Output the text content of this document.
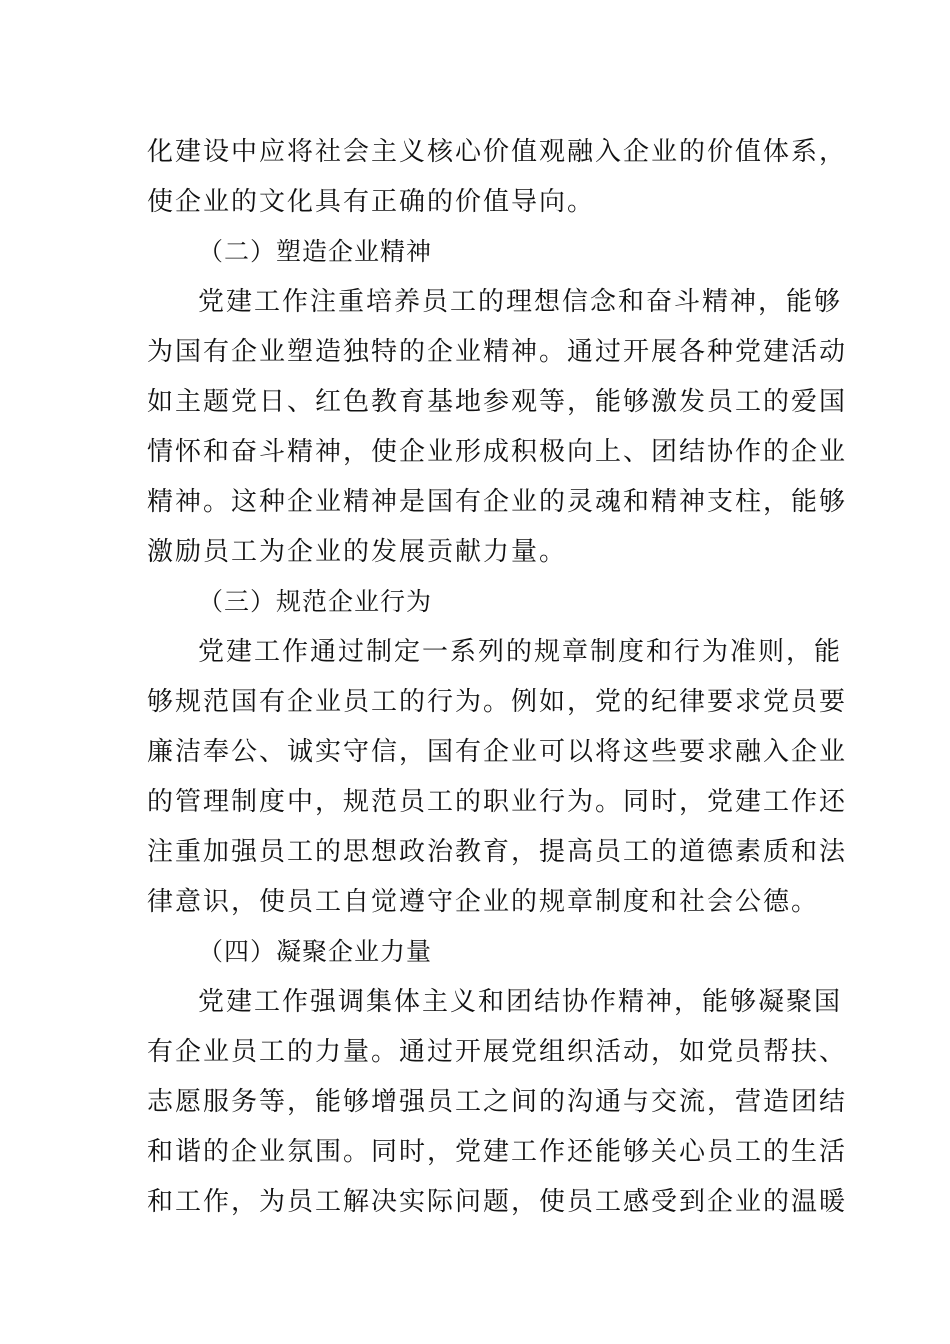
化建设中应将社会主义核心价值观融入企业的价值体系，
使企业的文化具有正确的价值导向。
（二）塑造企业精神
党建工作注重培养员工的理想信念和奋斗精神，能够
为国有企业塑造独特的企业精神。通过开展各种党建活动
如主题党日、红色教育基地参观等，能够激发员工的爱国
情怀和奋斗精神，使企业形成积极向上、团结协作的企业
精神。这种企业精神是国有企业的灵魂和精神支柱，能够
激励员工为企业的发展贡献力量。
（三）规范企业行为
党建工作通过制定一系列的规章制度和行为准则，能
够规范国有企业员工的行为。例如，党的纪律要求党员要
廉洁奉公、诚实守信，国有企业可以将这些要求融入企业
的管理制度中，规范员工的职业行为。同时，党建工作还
注重加强员工的思想政治教育，提高员工的道德素质和法
律意识，使员工自觉遵守企业的规章制度和社会公德。
（四）凝聚企业力量
党建工作强调集体主义和团结协作精神，能够凝聚国
有企业员工的力量。通过开展党组织活动，如党员帮扶、
志愿服务等，能够增强员工之间的沟通与交流，营造团结
和谐的企业氛围。同时，党建工作还能够关心员工的生活
和工作，为员工解决实际问题，使员工感受到企业的温暖
